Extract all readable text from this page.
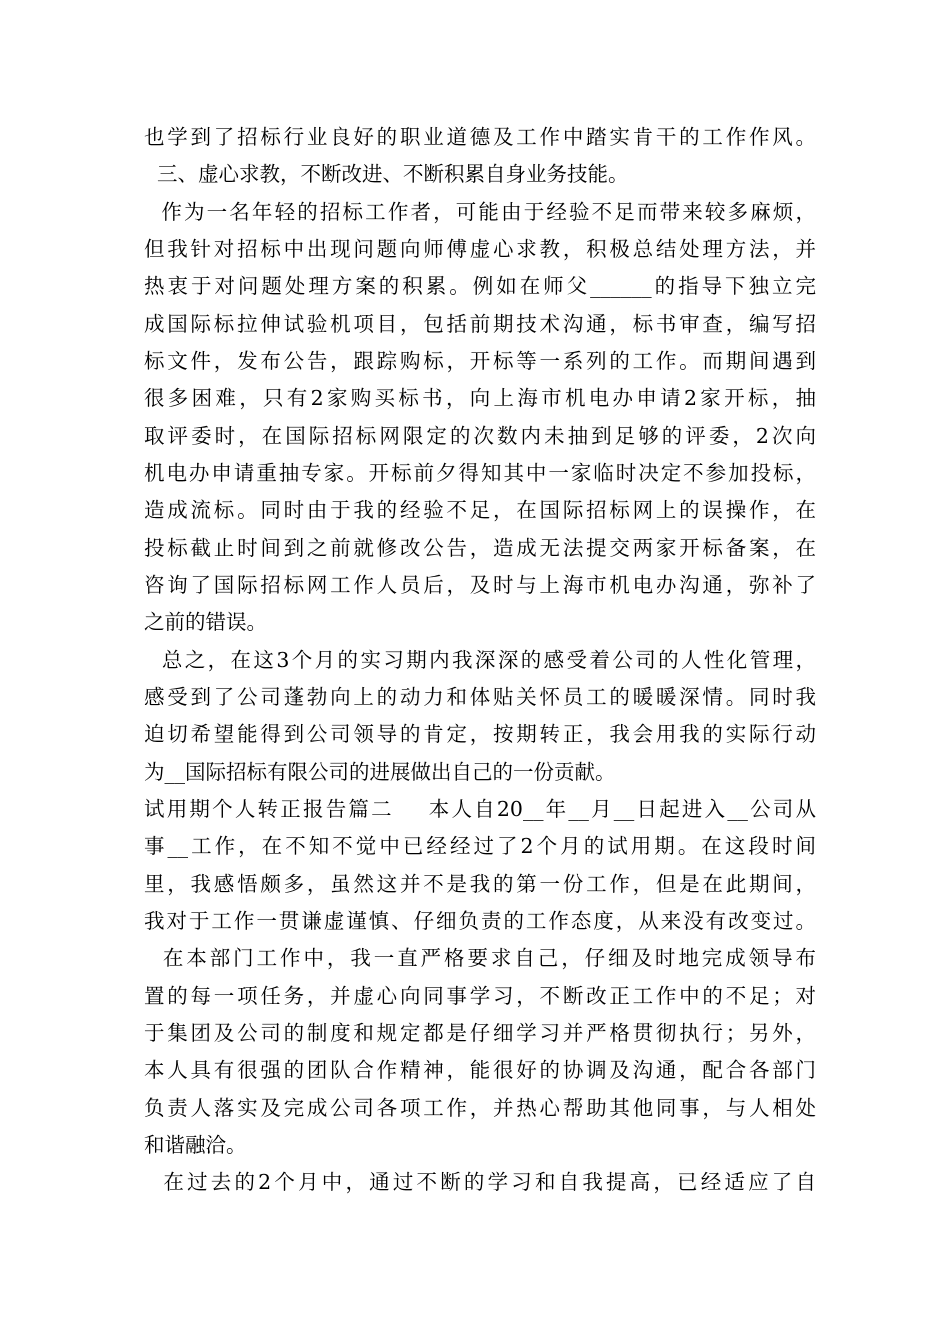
也学到了招标行业良好的职业道德及工作中踏实肯干的工作作风。
三、虚心求教，不断改进、不断积累自身业务技能。
作为一名年轻的招标工作者，可能由于经验不足而带来较多麻烦，
但我针对招标中出现问题向师傅虚心求教，积极总结处理方法，并
热衷于对问题处理方案的积累。例如在师父______的指导下独立完
成国际标拉伸试验机项目，包括前期技术沟通，标书审查，编写招
标文件，发布公告，跟踪购标，开标等一系列的工作。而期间遇到
很多困难，只有2家购买标书，向上海市机电办申请2家开标，抽
取评委时，在国际招标网限定的次数内未抽到足够的评委，2次向
机电办申请重抽专家。开标前夕得知其中一家临时决定不参加投标，
造成流标。同时由于我的经验不足，在国际招标网上的误操作，在
投标截止时间到之前就修改公告，造成无法提交两家开标备案，在
咨询了国际招标网工作人员后，及时与上海市机电办沟通，弥补了
之前的错误。
总之，在这3个月的实习期内我深深的感受着公司的人性化管理，
感受到了公司蓬勃向上的动力和体贴关怀员工的暖暖深情。同时我
迫切希望能得到公司领导的肯定，按期转正，我会用我的实际行动
为__国际招标有限公司的进展做出自己的一份贡献。
试用期个人转正报告篇二    本人自20__年__月__日起进入__公司从
事__工作，在不知不觉中已经经过了2个月的试用期。在这段时间
里，我感悟颇多，虽然这并不是我的第一份工作，但是在此期间，
我对于工作一贯谦虚谨慎、仔细负责的工作态度，从来没有改变过。
在本部门工作中，我一直严格要求自己，仔细及时地完成领导布
置的每一项任务，并虚心向同事学习，不断改正工作中的不足；对
于集团及公司的制度和规定都是仔细学习并严格贯彻执行；另外，
本人具有很强的团队合作精神，能很好的协调及沟通，配合各部门
负责人落实及完成公司各项工作，并热心帮助其他同事，与人相处
和谐融洽。
在过去的2个月中，通过不断的学习和自我提高，已经适应了自
